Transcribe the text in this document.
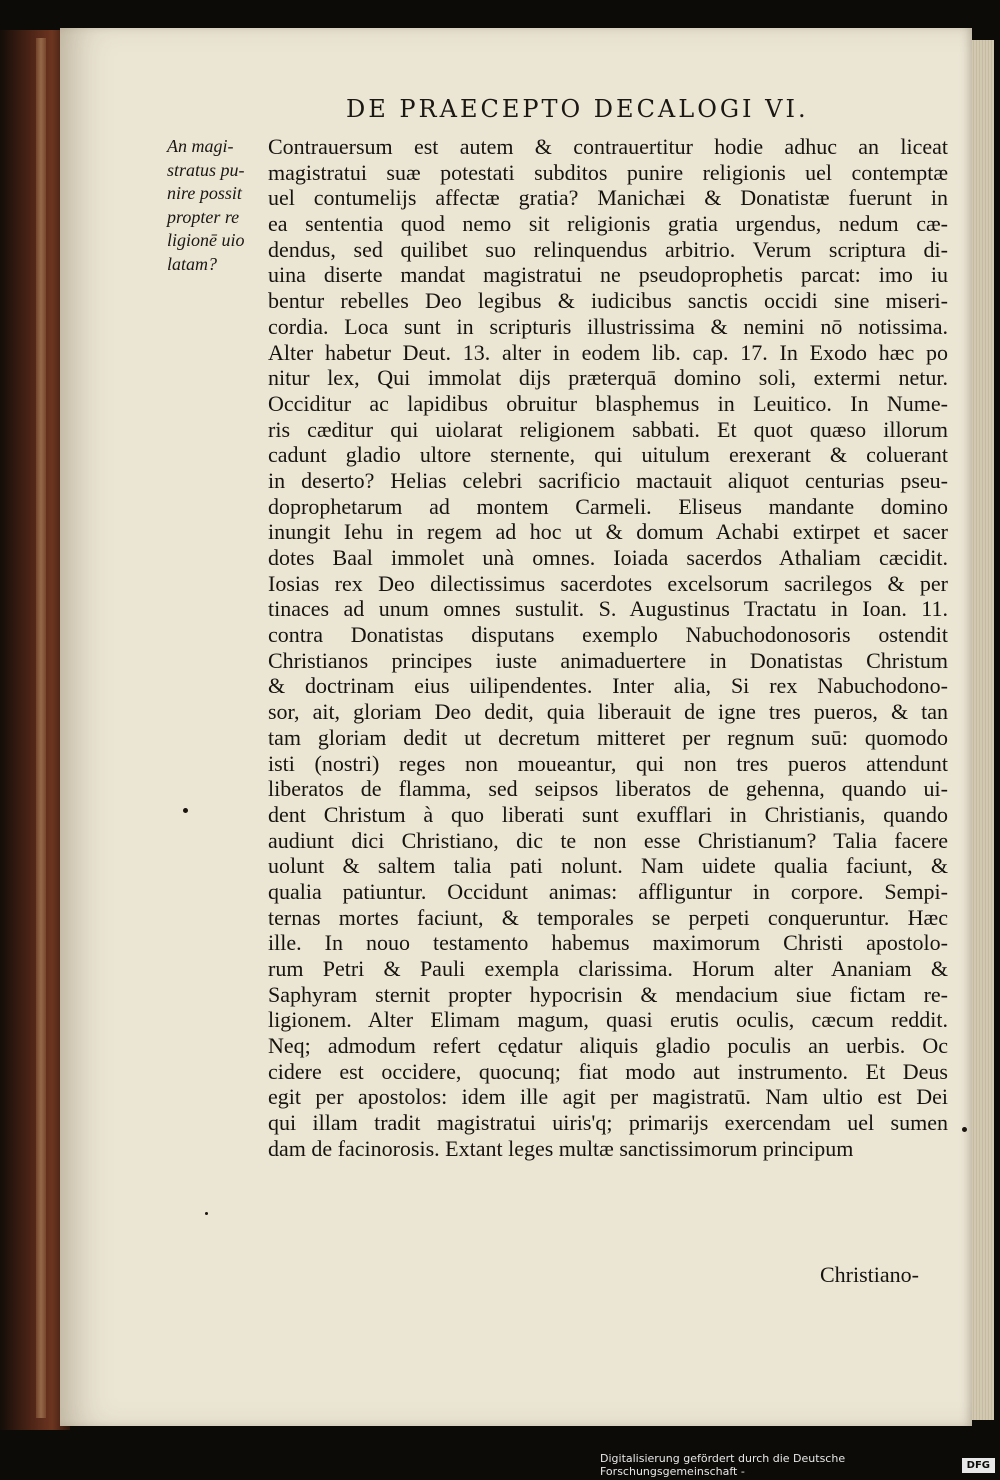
DE PRAECEPTO DECALOGI VI.
An magi-
stratus pu-
nire possit
propter re
ligionē uio
latam?
Contrauersum est autem & contrauertitur hodie adhuc an liceat
magistratui suæ potestati subditos punire religionis uel contemptæ
uel contumelijs affectæ gratia? Manichæi & Donatistæ fuerunt in
ea sententia quod nemo sit religionis gratia urgendus, nedum cæ-
dendus, sed quilibet suo relinquendus arbitrio. Verum scriptura di-
uina diserte mandat magistratui ne pseudoprophetis parcat: imo iu
bentur rebelles Deo legibus & iudicibus sanctis occidi sine miseri-
cordia. Loca sunt in scripturis illustrissima & nemini nō notissima.
Alter habetur Deut. 13. alter in eodem lib. cap. 17. In Exodo hæc po
nitur lex, Qui immolat dijs præterquā domino soli, extermi netur.
Occiditur ac lapidibus obruitur blasphemus in Leuitico. In Nume-
ris cæditur qui uiolarat religionem sabbati. Et quot quæso illorum
cadunt gladio ultore sternente, qui uitulum erexerant & coluerant
in deserto? Helias celebri sacrificio mactauit aliquot centurias pseu-
doprophetarum ad montem Carmeli. Eliseus mandante domino
inungit Iehu in regem ad hoc ut & domum Achabi extirpet et sacer
dotes Baal immolet unà omnes. Ioiada sacerdos Athaliam cæcidit.
Iosias rex Deo dilectissimus sacerdotes excelsorum sacrilegos & per
tinaces ad unum omnes sustulit. S. Augustinus Tractatu in Ioan. 11.
contra Donatistas disputans exemplo Nabuchodonosoris ostendit
Christianos principes iuste animaduertere in Donatistas Christum
& doctrinam eius uilipendentes. Inter alia, Si rex Nabuchodono-
sor, ait, gloriam Deo dedit, quia liberauit de igne tres pueros, & tan
tam gloriam dedit ut decretum mitteret per regnum suū: quomodo
isti (nostri) reges non moueantur, qui non tres pueros attendunt
liberatos de flamma, sed seipsos liberatos de gehenna, quando ui-
dent Christum à quo liberati sunt exufflari in Christianis, quando
audiunt dici Christiano, dic te non esse Christianum? Talia facere
uolunt & saltem talia pati nolunt. Nam uidete qualia faciunt, &
qualia patiuntur. Occidunt animas: affliguntur in corpore. Sempi-
ternas mortes faciunt, & temporales se perpeti conqueruntur. Hæc
ille. In nouo testamento habemus maximorum Christi apostolo-
rum Petri & Pauli exempla clarissima. Horum alter Ananiam &
Saphyram sternit propter hypocrisin & mendacium siue fictam re-
ligionem. Alter Elimam magum, quasi erutis oculis, cæcum reddit.
Neq; admodum refert cędatur aliquis gladio poculis an uerbis. Oc
cidere est occidere, quocunq; fiat modo aut instrumento. Et Deus
egit per apostolos: idem ille agit per magistratū. Nam ultio est Dei
qui illam tradit magistratui uiris'q; primarijs exercendam uel sumen
dam de facinorosis. Extant leges multæ sanctissimorum principum
Christiano-
Digitalisierung gefördert durch die Deutsche Forschungsgemeinschaft -	DFG
